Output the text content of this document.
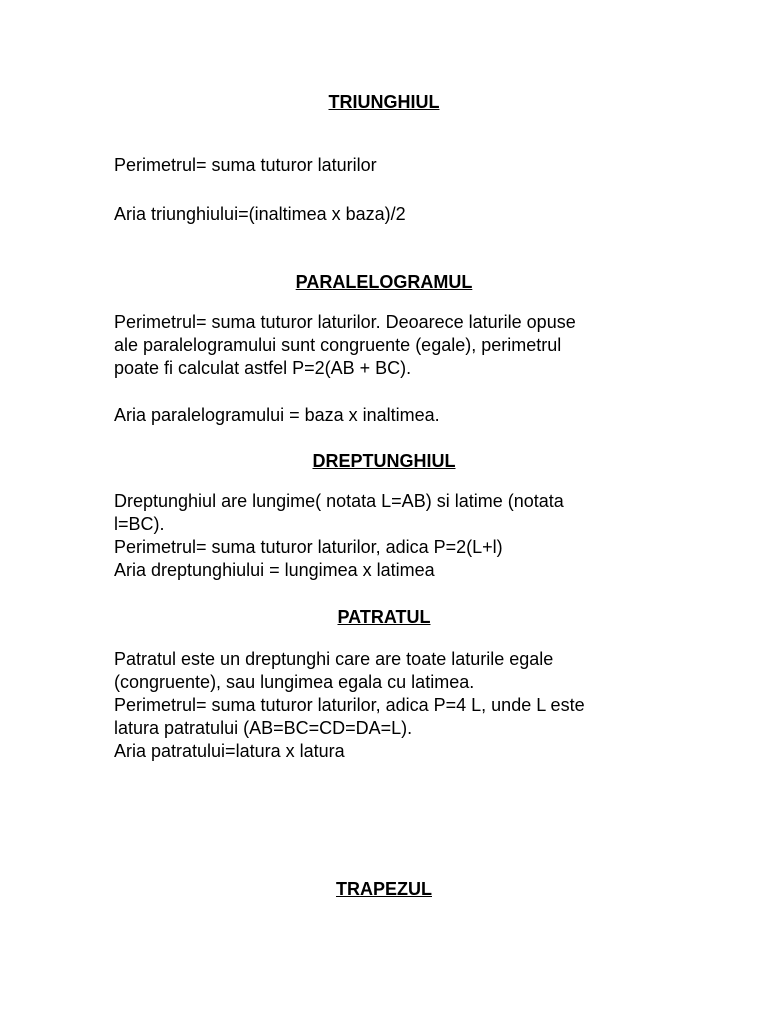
TRIUNGHIUL

Perimetrul= suma tuturor laturilor

Aria triunghiului=(inaltimea x baza)/2

PARALELOGRAMUL

Perimetrul= suma tuturor laturilor. Deoarece laturile opuse
ale paralelogramului sunt congruente (egale), perimetrul
poate fi calculat astfel P=2(AB + BC).

Aria paralelogramului = baza x inaltimea.

DREPTUNGHIUL

Dreptunghiul are lungime( notata L=AB) si latime (notata
l=BC).
Perimetrul= suma tuturor laturilor, adica P=2(L+l)
Aria dreptunghiului = lungimea x latimea

PATRATUL

Patratul este un dreptunghi care are toate laturile egale
(congruente), sau lungimea egala cu latimea.
Perimetrul= suma tuturor laturilor, adica P=4 L, unde L este
latura patratului (AB=BC=CD=DA=L).
Aria patratului=latura x latura

TRAPEZUL
